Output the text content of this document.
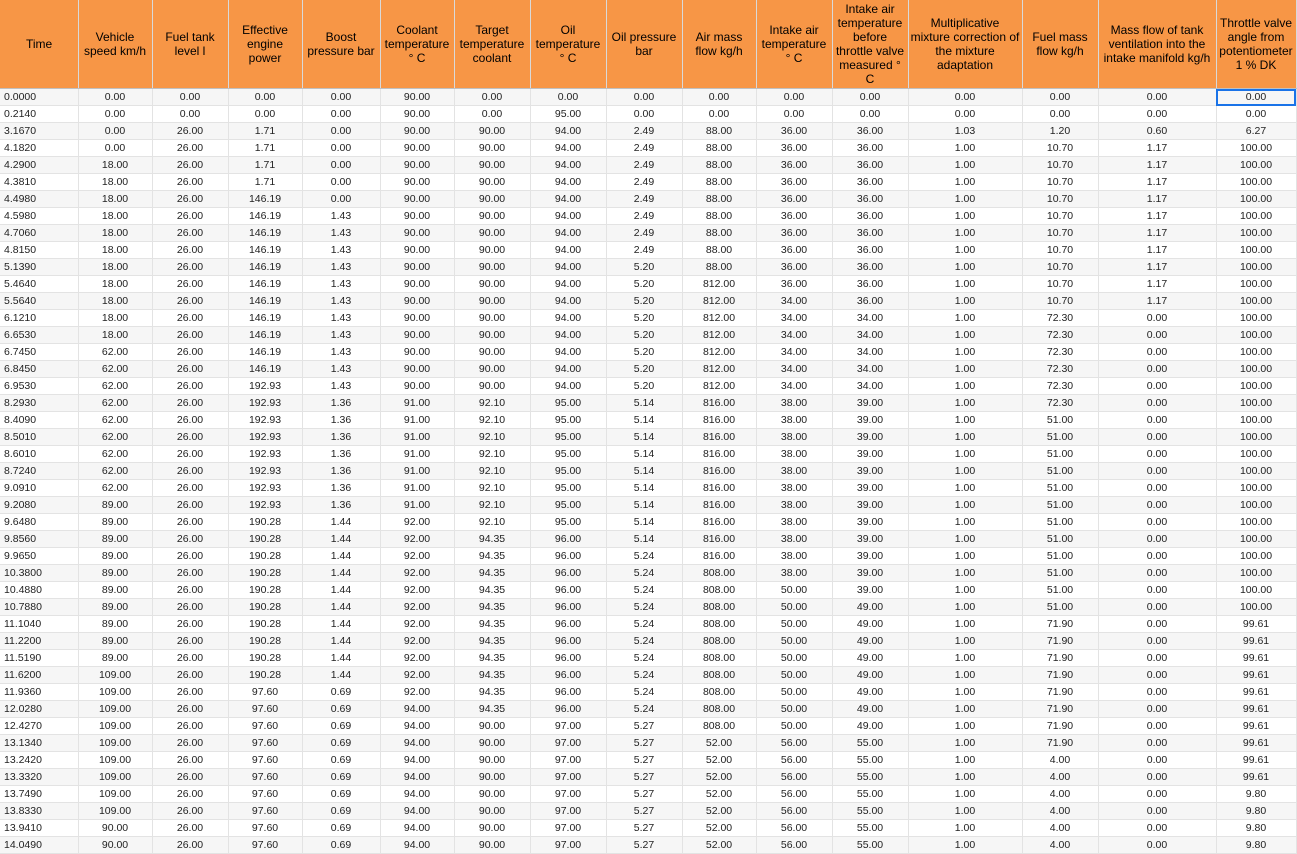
Time	Vehicle speed km/h	Fuel tank level l	Effective engine power	Boost pressure bar	Coolant temperature ° C	Target temperature coolant	Oil temperature ° C	Oil pressure bar	Air mass flow kg/h	Intake air temperature ° C	Intake air temperature before throttle valve measured ° C	Multiplicative mixture correction of the mixture adaptation	Fuel mass flow kg/h	Mass flow of tank ventilation into the intake manifold kg/h	Throttle valve angle from potentiometer 1 % DK
0.0000	0.00	0.00	0.00	0.00	90.00	0.00	0.00	0.00	0.00	0.00	0.00	0.00	0.00	0.00	0.00
0.2140	0.00	0.00	0.00	0.00	90.00	0.00	95.00	0.00	0.00	0.00	0.00	0.00	0.00	0.00	0.00
3.1670	0.00	26.00	1.71	0.00	90.00	90.00	94.00	2.49	88.00	36.00	36.00	1.03	1.20	0.60	6.27
4.1820	0.00	26.00	1.71	0.00	90.00	90.00	94.00	2.49	88.00	36.00	36.00	1.00	10.70	1.17	100.00
4.2900	18.00	26.00	1.71	0.00	90.00	90.00	94.00	2.49	88.00	36.00	36.00	1.00	10.70	1.17	100.00
4.3810	18.00	26.00	1.71	0.00	90.00	90.00	94.00	2.49	88.00	36.00	36.00	1.00	10.70	1.17	100.00
4.4980	18.00	26.00	146.19	0.00	90.00	90.00	94.00	2.49	88.00	36.00	36.00	1.00	10.70	1.17	100.00
4.5980	18.00	26.00	146.19	1.43	90.00	90.00	94.00	2.49	88.00	36.00	36.00	1.00	10.70	1.17	100.00
4.7060	18.00	26.00	146.19	1.43	90.00	90.00	94.00	2.49	88.00	36.00	36.00	1.00	10.70	1.17	100.00
4.8150	18.00	26.00	146.19	1.43	90.00	90.00	94.00	2.49	88.00	36.00	36.00	1.00	10.70	1.17	100.00
5.1390	18.00	26.00	146.19	1.43	90.00	90.00	94.00	5.20	88.00	36.00	36.00	1.00	10.70	1.17	100.00
5.4640	18.00	26.00	146.19	1.43	90.00	90.00	94.00	5.20	812.00	36.00	36.00	1.00	10.70	1.17	100.00
5.5640	18.00	26.00	146.19	1.43	90.00	90.00	94.00	5.20	812.00	34.00	36.00	1.00	10.70	1.17	100.00
6.1210	18.00	26.00	146.19	1.43	90.00	90.00	94.00	5.20	812.00	34.00	34.00	1.00	72.30	0.00	100.00
6.6530	18.00	26.00	146.19	1.43	90.00	90.00	94.00	5.20	812.00	34.00	34.00	1.00	72.30	0.00	100.00
6.7450	62.00	26.00	146.19	1.43	90.00	90.00	94.00	5.20	812.00	34.00	34.00	1.00	72.30	0.00	100.00
6.8450	62.00	26.00	146.19	1.43	90.00	90.00	94.00	5.20	812.00	34.00	34.00	1.00	72.30	0.00	100.00
6.9530	62.00	26.00	192.93	1.43	90.00	90.00	94.00	5.20	812.00	34.00	34.00	1.00	72.30	0.00	100.00
8.2930	62.00	26.00	192.93	1.36	91.00	92.10	95.00	5.14	816.00	38.00	39.00	1.00	72.30	0.00	100.00
8.4090	62.00	26.00	192.93	1.36	91.00	92.10	95.00	5.14	816.00	38.00	39.00	1.00	51.00	0.00	100.00
8.5010	62.00	26.00	192.93	1.36	91.00	92.10	95.00	5.14	816.00	38.00	39.00	1.00	51.00	0.00	100.00
8.6010	62.00	26.00	192.93	1.36	91.00	92.10	95.00	5.14	816.00	38.00	39.00	1.00	51.00	0.00	100.00
8.7240	62.00	26.00	192.93	1.36	91.00	92.10	95.00	5.14	816.00	38.00	39.00	1.00	51.00	0.00	100.00
9.0910	62.00	26.00	192.93	1.36	91.00	92.10	95.00	5.14	816.00	38.00	39.00	1.00	51.00	0.00	100.00
9.2080	89.00	26.00	192.93	1.36	91.00	92.10	95.00	5.14	816.00	38.00	39.00	1.00	51.00	0.00	100.00
9.6480	89.00	26.00	190.28	1.44	92.00	92.10	95.00	5.14	816.00	38.00	39.00	1.00	51.00	0.00	100.00
9.8560	89.00	26.00	190.28	1.44	92.00	94.35	96.00	5.14	816.00	38.00	39.00	1.00	51.00	0.00	100.00
9.9650	89.00	26.00	190.28	1.44	92.00	94.35	96.00	5.24	816.00	38.00	39.00	1.00	51.00	0.00	100.00
10.3800	89.00	26.00	190.28	1.44	92.00	94.35	96.00	5.24	808.00	38.00	39.00	1.00	51.00	0.00	100.00
10.4880	89.00	26.00	190.28	1.44	92.00	94.35	96.00	5.24	808.00	50.00	39.00	1.00	51.00	0.00	100.00
10.7880	89.00	26.00	190.28	1.44	92.00	94.35	96.00	5.24	808.00	50.00	49.00	1.00	51.00	0.00	100.00
11.1040	89.00	26.00	190.28	1.44	92.00	94.35	96.00	5.24	808.00	50.00	49.00	1.00	71.90	0.00	99.61
11.2200	89.00	26.00	190.28	1.44	92.00	94.35	96.00	5.24	808.00	50.00	49.00	1.00	71.90	0.00	99.61
11.5190	89.00	26.00	190.28	1.44	92.00	94.35	96.00	5.24	808.00	50.00	49.00	1.00	71.90	0.00	99.61
11.6200	109.00	26.00	190.28	1.44	92.00	94.35	96.00	5.24	808.00	50.00	49.00	1.00	71.90	0.00	99.61
11.9360	109.00	26.00	97.60	0.69	92.00	94.35	96.00	5.24	808.00	50.00	49.00	1.00	71.90	0.00	99.61
12.0280	109.00	26.00	97.60	0.69	94.00	94.35	96.00	5.24	808.00	50.00	49.00	1.00	71.90	0.00	99.61
12.4270	109.00	26.00	97.60	0.69	94.00	90.00	97.00	5.27	808.00	50.00	49.00	1.00	71.90	0.00	99.61
13.1340	109.00	26.00	97.60	0.69	94.00	90.00	97.00	5.27	52.00	56.00	55.00	1.00	71.90	0.00	99.61
13.2420	109.00	26.00	97.60	0.69	94.00	90.00	97.00	5.27	52.00	56.00	55.00	1.00	4.00	0.00	99.61
13.3320	109.00	26.00	97.60	0.69	94.00	90.00	97.00	5.27	52.00	56.00	55.00	1.00	4.00	0.00	99.61
13.7490	109.00	26.00	97.60	0.69	94.00	90.00	97.00	5.27	52.00	56.00	55.00	1.00	4.00	0.00	9.80
13.8330	109.00	26.00	97.60	0.69	94.00	90.00	97.00	5.27	52.00	56.00	55.00	1.00	4.00	0.00	9.80
13.9410	90.00	26.00	97.60	0.69	94.00	90.00	97.00	5.27	52.00	56.00	55.00	1.00	4.00	0.00	9.80
14.0490	90.00	26.00	97.60	0.69	94.00	90.00	97.00	5.27	52.00	56.00	55.00	1.00	4.00	0.00	9.80
